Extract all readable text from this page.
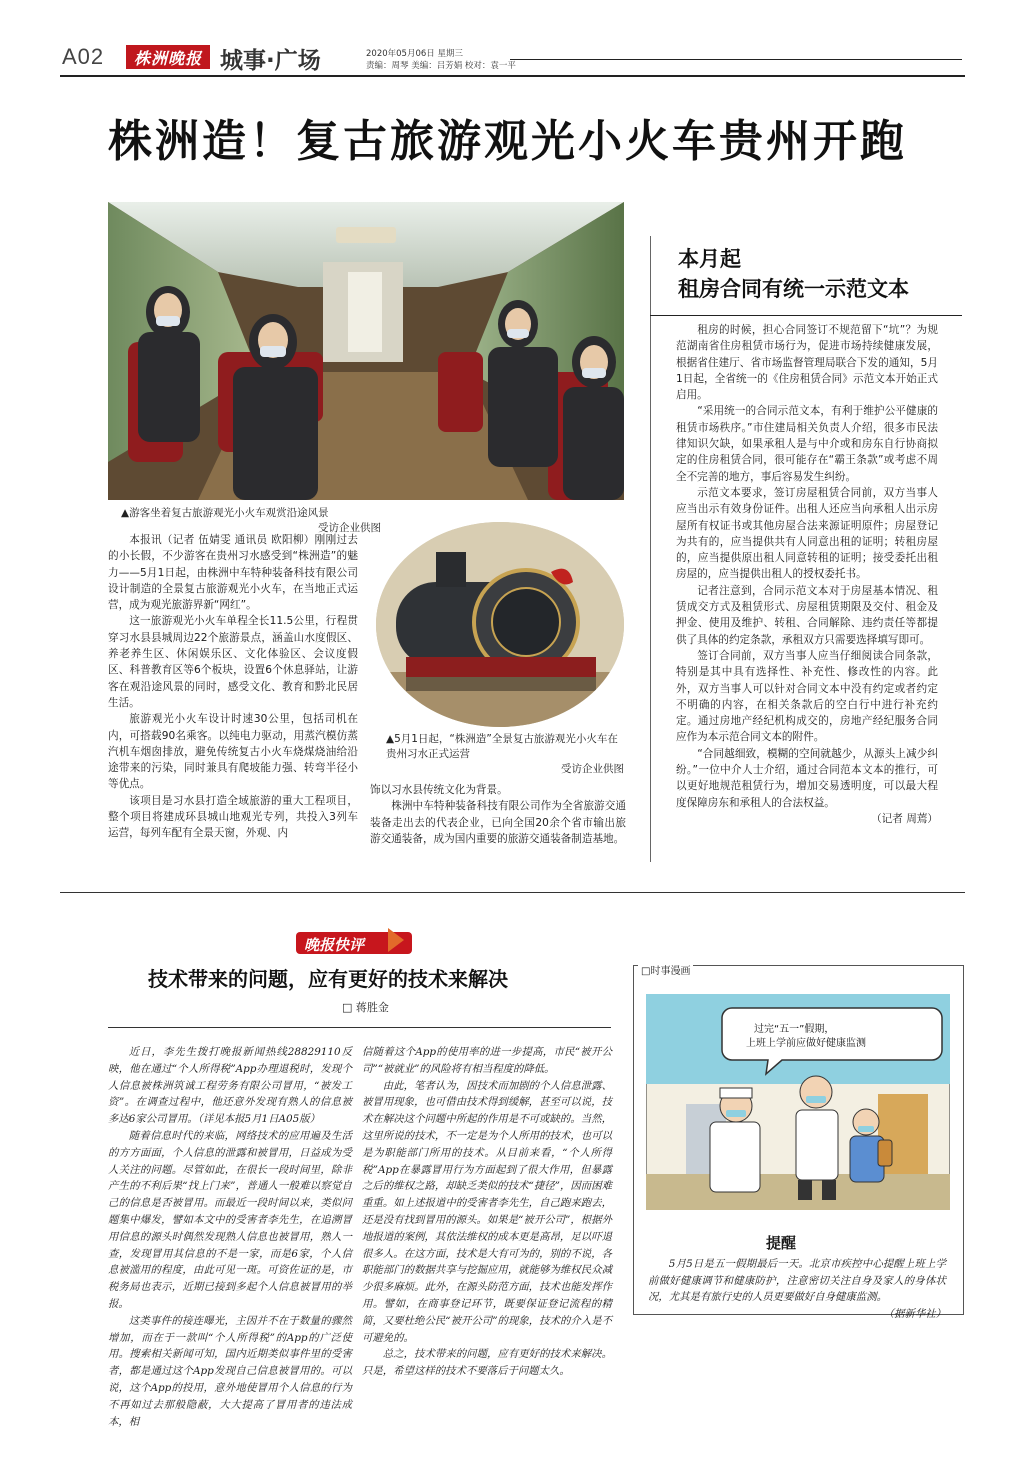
A02	株洲晚报 城事·广场	2020年05月06日 星期三
责编：周琴 美编：吕芳娟 校对：袁一平
株洲造！复古旅游观光小火车贵州开跑
▲游客坐着复古旅游观光小火车观赏沿途风景
受访企业供图
▲5月1日起，“株洲造”全景复古旅游观光小火车在贵州习水正式运营
受访企业供图

本报讯（记者 伍婧雯 通讯员 欧阳柳）刚刚过去的小长假，不少游客在贵州习水感受到“株洲造”的魅力——5月1日起，由株洲中车特种装备科技有限公司设计制造的全景复古旅游观光小火车，在当地正式运营，成为观光旅游界新“网红”。

这一旅游观光小火车单程全长11.5公里，行程贯穿习水县县城周边22个旅游景点，涵盖山水度假区、养老养生区、休闲娱乐区、文化体验区、会议度假区、科普教育区等6个板块，设置6个休息驿站，让游客在观沿途风景的同时，感受文化、教育和黔北民居生活。

旅游观光小火车设计时速30公里，包括司机在内，可搭载90名乘客。以纯电力驱动，用蒸汽模仿蒸汽机车烟囱排放，避免传统复古小火车烧煤烧油给沿途带来的污染，同时兼具有爬坡能力强、转弯半径小等优点。

该项目是习水县打造全域旅游的重大工程项目，整个项目将建成环县城山地观光专列，共投入3列车运营，每列车配有全景天窗，外观、内

饰以习水县传统文化为背景。

株洲中车特种装备科技有限公司作为全省旅游交通装备走出去的代表企业，已向全国20余个省市输出旅游交通装备，成为国内重要的旅游交通装备制造基地。

本月起
租房合同有统一示范文本

租房的时候，担心合同签订不规范留下“坑”？为规范湖南省住房租赁市场行为，促进市场持续健康发展，根据省住建厅、省市场监督管理局联合下发的通知，5月1日起，全省统一的《住房租赁合同》示范文本开始正式启用。

“采用统一的合同示范文本，有利于维护公平健康的租赁市场秩序。”市住建局相关负责人介绍，很多市民法律知识欠缺，如果承租人是与中介或和房东自行协商拟定的住房租赁合同，很可能存在“霸王条款”或考虑不周全不完善的地方，事后容易发生纠纷。

示范文本要求，签订房屋租赁合同前，双方当事人应当出示有效身份证件。出租人还应当向承租人出示房屋所有权证书或其他房屋合法来源证明原件；房屋登记为共有的，应当提供共有人同意出租的证明；转租房屋的，应当提供原出租人同意转租的证明；接受委托出租房屋的，应当提供出租人的授权委托书。

记者注意到，合同示范文本对于房屋基本情况、租赁成交方式及租赁形式、房屋租赁期限及交付、租金及押金、使用及维护、转租、合同解除、违约责任等都提供了具体的约定条款，承租双方只需要选择填写即可。

签订合同前，双方当事人应当仔细阅读合同条款，特别是其中具有选择性、补充性、修改性的内容。此外，双方当事人可以针对合同文本中没有约定或者约定不明确的内容，在相关条款后的空白行中进行补充约定。通过房地产经纪机构成交的，房地产经纪服务合同应作为本示范合同文本的附件。

“合同越细致，模糊的空间就越少，从源头上减少纠纷。”一位中介人士介绍，通过合同范本文本的推行，可以更好地规范租赁行为，增加交易透明度，可以最大程度保障房东和承租人的合法权益。

（记者 周蔫）
晚报快评
技术带来的问题，应有更好的技术来解决
□ 蒋胜金

近日，李先生拨打晚报新闻热线28829110反映，他在通过“个人所得税”App办理退税时，发现个人信息被株洲筑诚工程劳务有限公司冒用，“被发工资”。在调查过程中，他还意外发现有熟人的信息被多达6家公司冒用。（详见本报5月1日A05版）

随着信息时代的来临，网络技术的应用遍及生活的方方面面，个人信息的泄露和被冒用，日益成为受人关注的问题。尽管如此，在很长一段时间里，除非产生的不利后果“找上门来”，普通人一般难以察觉自己的信息是否被冒用。而最近一段时间以来，类似问题集中爆发，譬如本文中的受害者李先生，在追溯冒用信息的源头时偶然发现熟人信息也被冒用，熟人一查，发现冒用其信息的不是一家，而是6家，个人信息被滥用的程度，由此可见一斑。可资佐证的是，市税务局也表示，近期已接到多起个人信息被冒用的举报。

这类事件的接连曝光，主因并不在于数量的骤然增加，而在于一款叫“个人所得税”的App的广泛使用。搜索相关新闻可知，国内近期类似事件里的受害者，都是通过这个App发现自己信息被冒用的。可以说，这个App的投用，意外地使冒用个人信息的行为不再如过去那般隐蔽，大大提高了冒用者的违法成本，相

信随着这个App的使用率的进一步提高，市民“被开公司”“被就业”的风险将有相当程度的降低。

由此，笔者认为，因技术而加剧的个人信息泄露、被冒用现象，也可借由技术得到缓解，甚至可以说，技术在解决这个问题中所起的作用是不可或缺的。当然，这里所说的技术，不一定是为个人所用的技术，也可以是为职能部门所用的技术。从目前来看，“个人所得税”App在暴露冒用行为方面起到了很大作用，但暴露之后的维权之路，却缺乏类似的技术“捷径”，因而困难重重。如上述报道中的受害者李先生，自己跑来跑去，还是没有找到冒用的源头。如果是“被开公司”，根据外地报道的案例，其依法维权的成本更是高昂，足以吓退很多人。在这方面，技术是大有可为的，别的不说，各职能部门的数据共享与挖掘应用，就能够为维权民众减少很多麻烦。此外，在源头防范方面，技术也能发挥作用。譬如，在商事登记环节，既要保证登记流程的精简，又要杜绝公民“被开公司”的现象，技术的介入是不可避免的。

总之，技术带来的问题，应有更好的技术来解决。只是，希望这样的技术不要落后于问题太久。

□时事漫画
过完“五一”假期，上班上学前应做好健康监测
提醒

5月5日是五一假期最后一天。北京市疾控中心提醒上班上学前做好健康调节和健康防护，注意密切关注自身及家人的身体状况，尤其是有旅行史的人员更要做好自身健康监测。

（据新华社）
